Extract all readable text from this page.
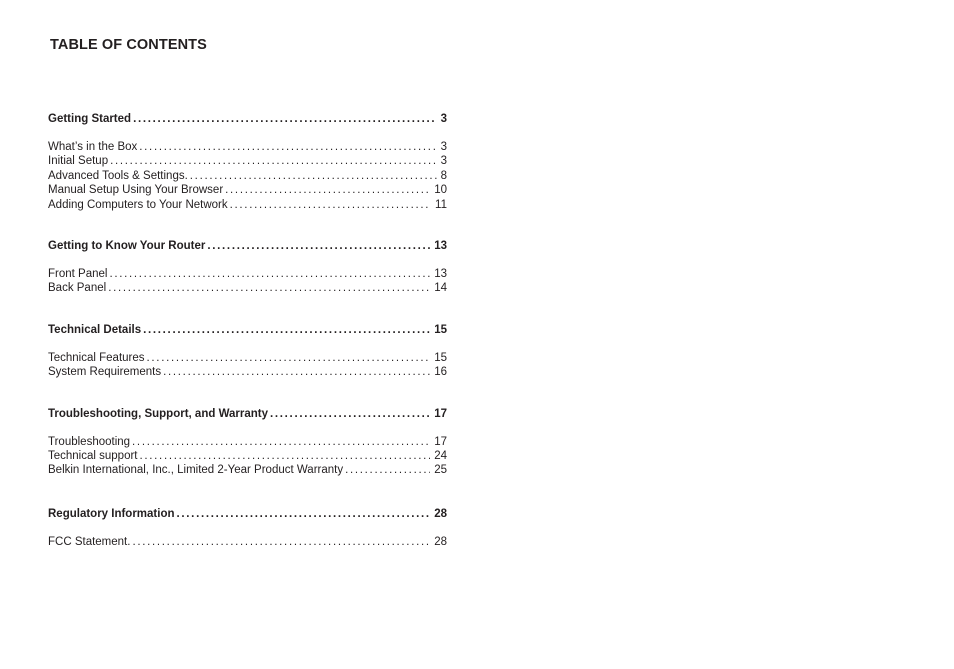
TABLE OF CONTENTS
Getting Started . . .	3
What’s in the Box . . .	3
Initial Setup . . .	3
Advanced Tools & Settings. . . .	8
Manual Setup Using Your Browser . . .	10
Adding Computers to Your Network . . .	11
Getting to Know Your Router . . .	13
Front Panel . . .	13
Back Panel . . .	14
Technical Details . . .	15
Technical Features . . .	15
System Requirements . . .	16
Troubleshooting, Support, and Warranty . . .	17
Troubleshooting . . .	17
Technical support . . .	24
Belkin International, Inc., Limited 2-Year Product Warranty . . .	25
Regulatory Information . . .	28
FCC Statement. . . .	28
